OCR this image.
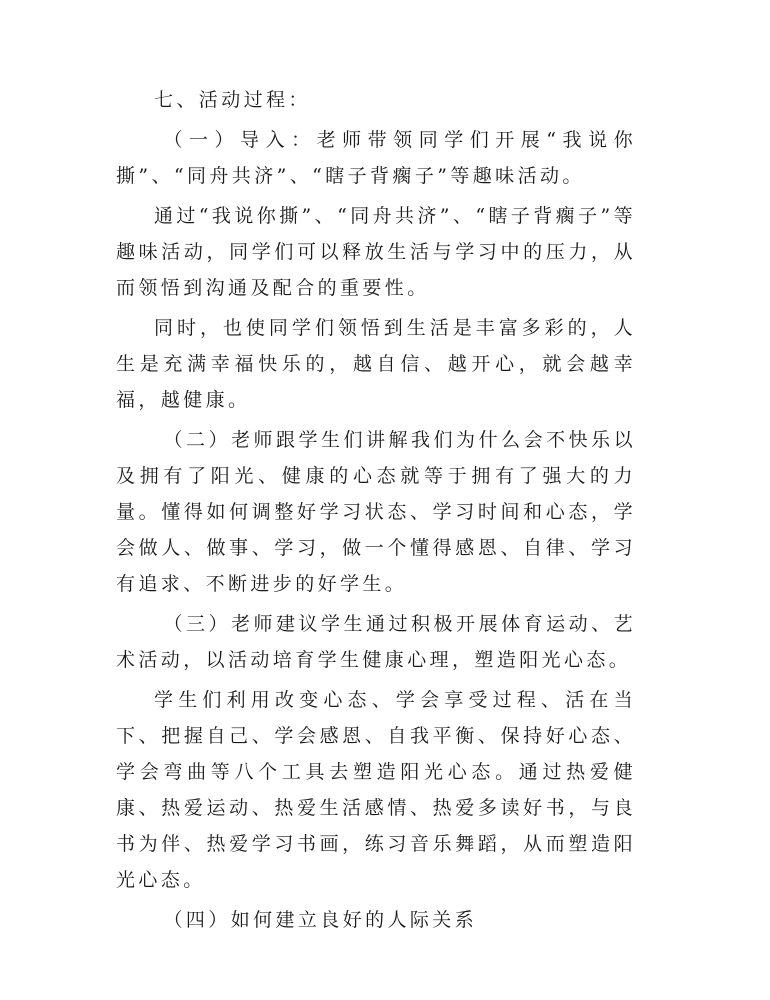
七、活动过程：

（一）导入：老师带领同学们开展“我说你撕”、“同舟共济”、“瞎子背瘸子”等趣味活动。

通过“我说你撕”、“同舟共济”、“瞎子背瘸子”等趣味活动，同学们可以释放生活与学习中的压力，从而领悟到沟通及配合的重要性。

同时，也使同学们领悟到生活是丰富多彩的，人生是充满幸福快乐的，越自信、越开心，就会越幸福，越健康。

（二）老师跟学生们讲解我们为什么会不快乐以及拥有了阳光、健康的心态就等于拥有了强大的力量。懂得如何调整好学习状态、学习时间和心态，学会做人、做事、学习，做一个懂得感恩、自律、学习有追求、不断进步的好学生。

（三）老师建议学生通过积极开展体育运动、艺术活动，以活动培育学生健康心理，塑造阳光心态。

学生们利用改变心态、学会享受过程、活在当下、把握自己、学会感恩、自我平衡、保持好心态、学会弯曲等八个工具去塑造阳光心态。通过热爱健康、热爱运动、热爱生活感情、热爱多读好书，与良书为伴、热爱学习书画，练习音乐舞蹈，从而塑造阳光心态。

（四）如何建立良好的人际关系
